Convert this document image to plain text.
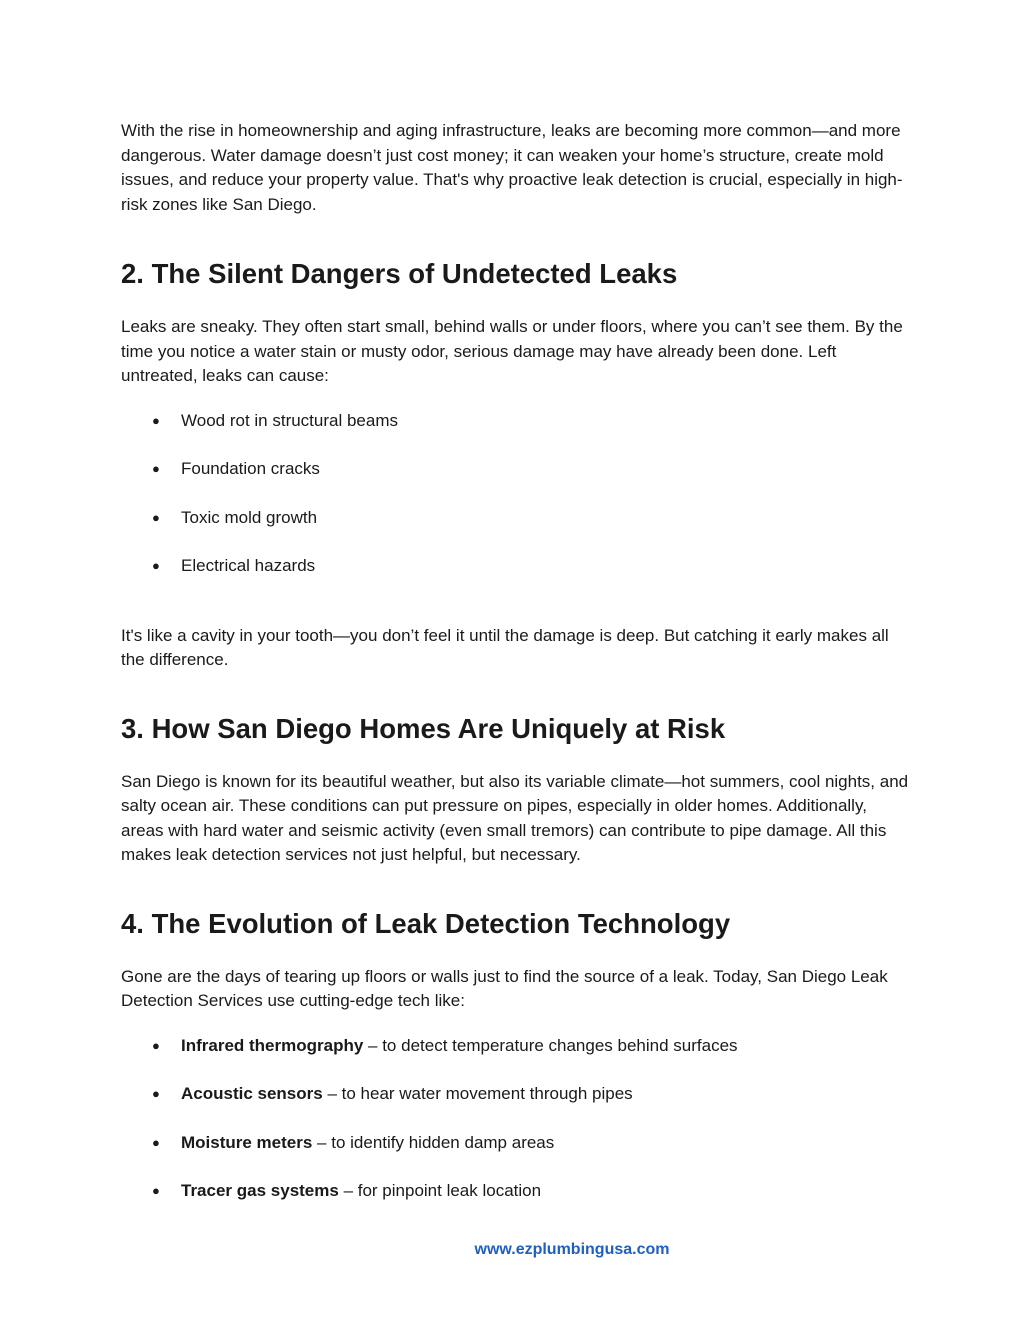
With the rise in homeownership and aging infrastructure, leaks are becoming more common—and more dangerous. Water damage doesn’t just cost money; it can weaken your home’s structure, create mold issues, and reduce your property value. That's why proactive leak detection is crucial, especially in high-risk zones like San Diego.

2. The Silent Dangers of Undetected Leaks

Leaks are sneaky. They often start small, behind walls or under floors, where you can’t see them. By the time you notice a water stain or musty odor, serious damage may have already been done. Left untreated, leaks can cause:

● Wood rot in structural beams
● Foundation cracks
● Toxic mold growth
● Electrical hazards

It's like a cavity in your tooth—you don’t feel it until the damage is deep. But catching it early makes all the difference.

3. How San Diego Homes Are Uniquely at Risk

San Diego is known for its beautiful weather, but also its variable climate—hot summers, cool nights, and salty ocean air. These conditions can put pressure on pipes, especially in older homes. Additionally, areas with hard water and seismic activity (even small tremors) can contribute to pipe damage. All this makes leak detection services not just helpful, but necessary.

4. The Evolution of Leak Detection Technology

Gone are the days of tearing up floors or walls just to find the source of a leak. Today, San Diego Leak Detection Services use cutting-edge tech like:

● Infrared thermography – to detect temperature changes behind surfaces
● Acoustic sensors – to hear water movement through pipes
● Moisture meters – to identify hidden damp areas
● Tracer gas systems – for pinpoint leak location
www.ezplumbingusa.com
